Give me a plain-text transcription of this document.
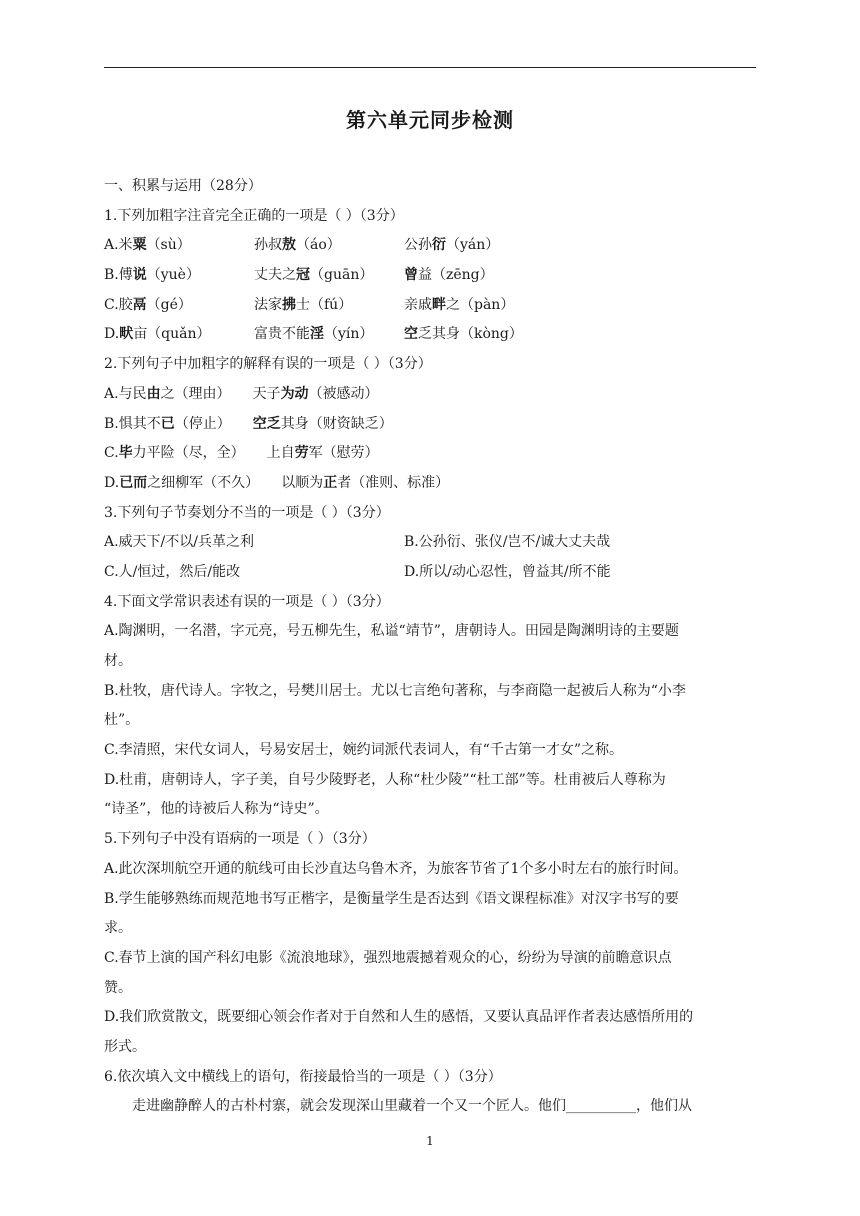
第六单元同步检测
一、积累与运用（28分）
1.下列加粗字注音完全正确的一项是（ ）（3分）
A.米粟（sù）	孙叔敖（áo）	公孙衍（yán）
B.傅说（yuè）	丈夫之冠（guān） 曾益（zēng）
C.胶鬲（gé）	法家拂士（fú）	亲戚畔之（pàn）
D.畎亩（quǎn）	富贵不能淫（yín） 空乏其身（kòng）
2.下列句子中加粗字的解释有误的一项是（ ）（3分）
A.与民由之（理由） 天子为动（被感动）
B.惧其不已（停止） 空乏其身（财资缺乏）
C.毕力平险（尽，全） 上自劳军（慰劳）
D.已而之细柳军（不久） 以顺为正者（准则、标准）
3.下列句子节奏划分不当的一项是（ ）（3分）
A.威天下/不以/兵革之利	B.公孙衍、张仪/岂不/诚大丈夫哉
C.人/恒过，然后/能改	D.所以/动心忍性，曾益其/所不能
4.下面文学常识表述有误的一项是（ ）（3分）
A.陶渊明，一名潜，字元亮，号五柳先生，私谥“靖节”，唐朝诗人。田园是陶渊明诗的主要题
材。
B.杜牧，唐代诗人。字牧之，号樊川居士。尤以七言绝句著称，与李商隐一起被后人称为“小李
杜”。
C.李清照，宋代女词人，号易安居士，婉约词派代表词人，有“千古第一才女”之称。
D.杜甫，唐朝诗人，字子美，自号少陵野老，人称“杜少陵”“杜工部”等。杜甫被后人尊称为
“诗圣”，他的诗被后人称为“诗史”。
5.下列句子中没有语病的一项是（ ）（3分）
A.此次深圳航空开通的航线可由长沙直达乌鲁木齐，为旅客节省了1个多小时左右的旅行时间。
B.学生能够熟练而规范地书写正楷字，是衡量学生是否达到《语文课程标准》对汉字书写的要
求。
C.春节上演的国产科幻电影《流浪地球》，强烈地震撼着观众的心，纷纷为导演的前瞻意识点
赞。
D.我们欣赏散文，既要细心领会作者对于自然和人生的感悟，又要认真品评作者表达感悟所用的
形式。
6.依次填入文中横线上的语句，衔接最恰当的一项是（ ）（3分）
走进幽静醉人的古朴村寨，就会发现深山里藏着一个又一个匠人。他们__________，他们从
1
